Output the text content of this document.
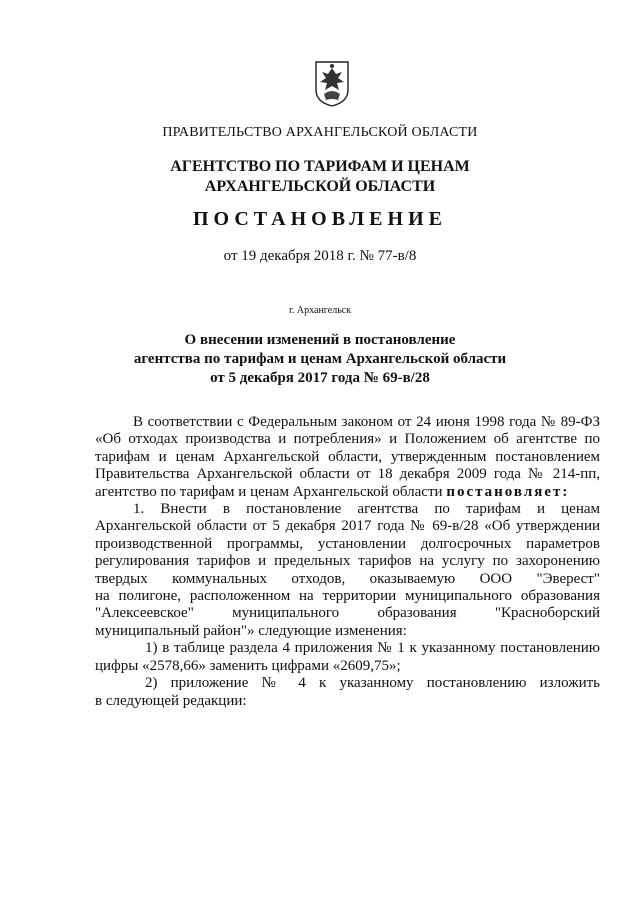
ПРАВИТЕЛЬСТВО АРХАНГЕЛЬСКОЙ ОБЛАСТИ
АГЕНТСТВО ПО ТАРИФАМ И ЦЕНАМ
АРХАНГЕЛЬСКОЙ ОБЛАСТИ
ПОСТАНОВЛЕНИЕ
от 19 декабря 2018 г. № 77-в/8
г. Архангельск
О внесении изменений в постановление
агентства по тарифам и ценам Архангельской области
от 5 декабря 2017 года № 69-в/28

В соответствии с Федеральным законом от 24 июня 1998 года № 89-ФЗ

«Об отходах производства и потребления» и Положением об агентстве по

тарифам и ценам Архангельской области, утвержденным постановлением

Правительства Архангельской области от 18 декабря 2009 года № 214-пп,

агентство по тарифам и ценам Архангельской области постановляет:

1. Внести в постановление агентства по тарифам и ценам

Архангельской области от 5 декабря 2017 года № 69-в/28 «Об утверждении

производственной программы, установлении долгосрочных параметров

регулирования тарифов и предельных тарифов на услугу по захоронению

твердых коммунальных отходов, оказываемую ООО "Эверест"

на полигоне, расположенном на территории муниципального образования

"Алексеевское" муниципального образования "Красноборский

муниципальный район"» следующие изменения:

1) в таблице раздела 4 приложения № 1 к указанному постановлению

цифры «2578,66» заменить цифрами «2609,75»;

2) приложение № 4 к указанному постановлению изложить

в следующей редакции:
